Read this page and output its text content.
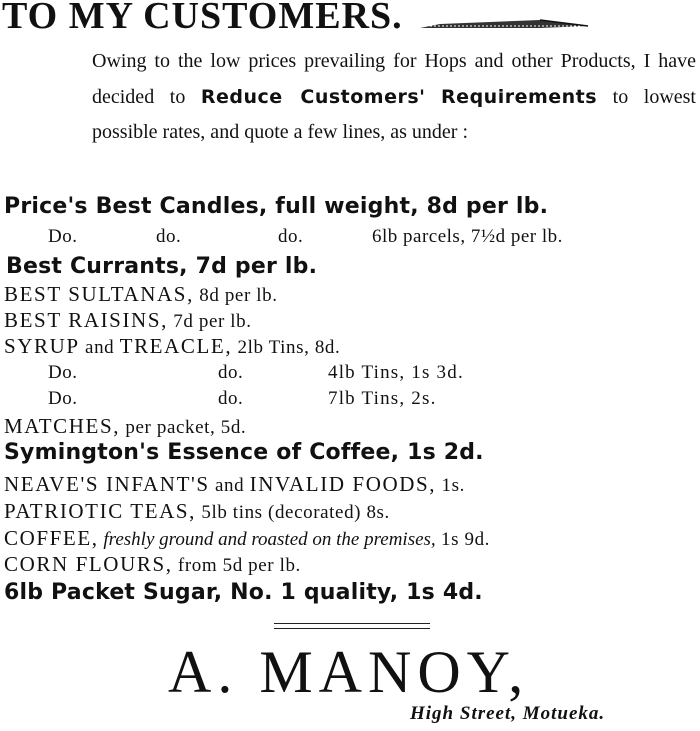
TO MY CUSTOMERS.
Owing to the low prices prevailing for Hops and other Products, I have decided to Reduce Customers' Requirements to lowest possible rates, and quote a few lines, as under :
Price's Best Candles, full weight, 8d per lb.
Do.	do.	do.	6lb parcels, 7½d per lb.
Best Currants, 7d per lb.
BEST SULTANAS, 8d per lb.
BEST RAISINS, 7d per lb.
SYRUP and TREACLE, 2lb Tins, 8d.
Do.	do.	4lb Tins, 1s 3d.
Do.	do.	7lb Tins, 2s.
MATCHES, per packet, 5d.
Symington's Essence of Coffee, 1s 2d.
NEAVE'S INFANT'S and INVALID FOODS, 1s.
PATRIOTIC TEAS, 5lb tins (decorated) 8s.
COFFEE, freshly ground and roasted on the premises, 1s 9d.
CORN FLOURS, from 5d per lb.
6lb Packet Sugar, No. 1 quality, 1s 4d.
A. MANOY,
High Street, Motueka.
